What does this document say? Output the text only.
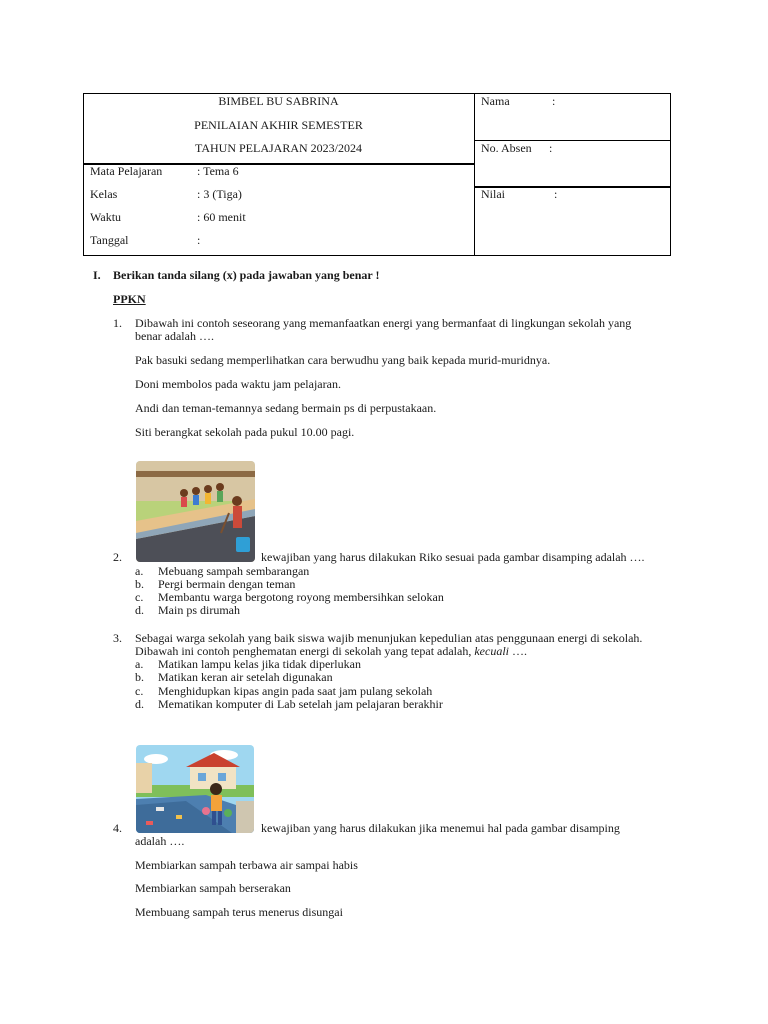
BIMBEL BU SABRINA
PENILAIAN AKHIR SEMESTER
TAHUN PELAJARAN 2023/2024
Mata Pelajaran	: Tema 6
Kelas	: 3 (Tiga)
Waktu	: 60 menit
Tanggal	:
Nama	:
No. Absen :
Nilai	:
I. Berikan tanda silang (x) pada jawaban yang benar !
PPKN
1. Dibawah ini contoh seseorang yang memanfaatkan energi yang bermanfaat di lingkungan sekolah yang
benar adalah ….
Pak basuki sedang memperlihatkan cara berwudhu yang baik kepada murid-muridnya.
Doni membolos pada waktu jam pelajaran.
Andi dan teman-temannya sedang bermain ps di perpustakaan.
Siti berangkat sekolah pada pukul 10.00 pagi.
2.	kewajiban yang harus dilakukan Riko sesuai pada gambar disamping adalah ….
a. Mebuang sampah sembarangan
b. Pergi bermain dengan teman
c. Membantu warga bergotong royong membersihkan selokan
d. Main ps dirumah
3. Sebagai warga sekolah yang baik siswa wajib menunjukan kepedulian atas penggunaan energi di sekolah.
Dibawah ini contoh penghematan energi di sekolah yang tepat adalah, kecuali ….
a. Matikan lampu kelas jika tidak diperlukan
b. Matikan keran air setelah digunakan
c. Menghidupkan kipas angin pada saat jam pulang sekolah
d. Mematikan komputer di Lab setelah jam pelajaran berakhir
4.	kewajiban yang harus dilakukan jika menemui hal pada gambar disamping
adalah ….
Membiarkan sampah terbawa air sampai habis
Membiarkan sampah berserakan
Membuang sampah terus menerus disungai
